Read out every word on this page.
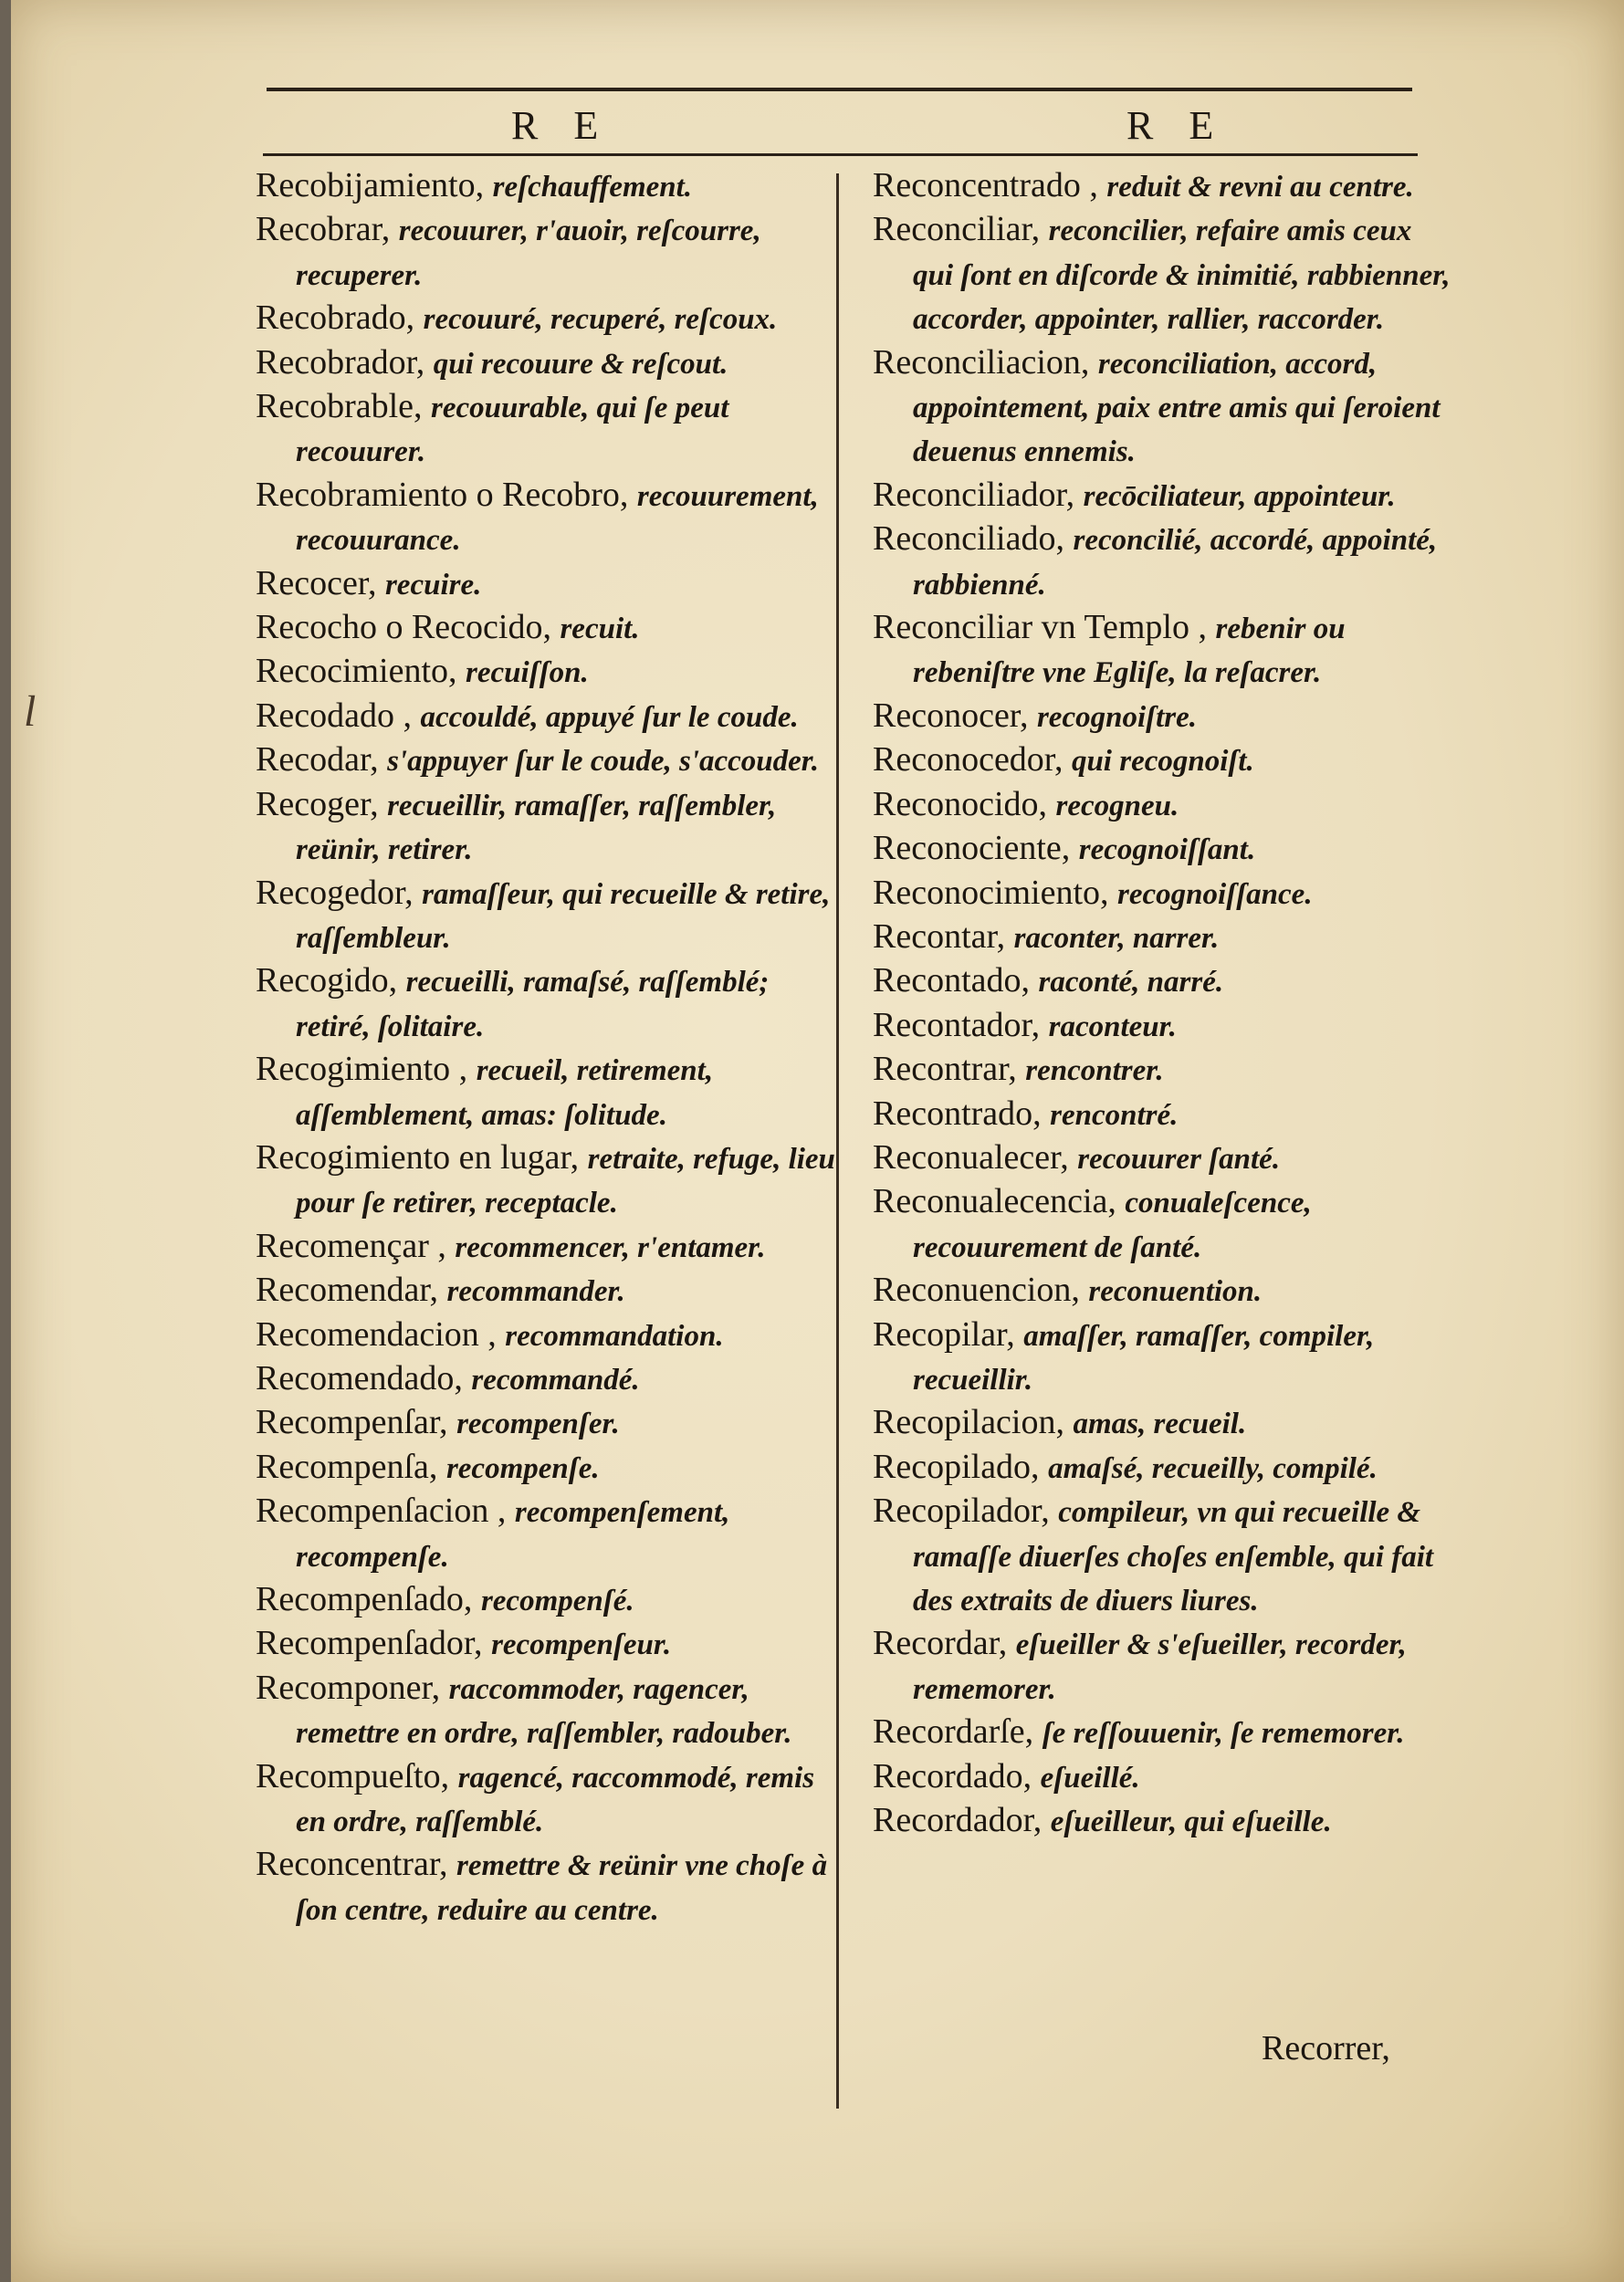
R E	R E
l
Recobijamiento, reſchauffement.
Recobrar, recouurer, r'auoir, reſcourre, recuperer.
Recobrado, recouuré, recuperé, reſcoux.
Recobrador, qui recouure & reſcout.
Recobrable, recouurable, qui ſe peut recouurer.
Recobramiento o Recobro, recouurement, recouurance.
Recocer, recuire.
Recocho o Recocido, recuit.
Recocimiento, recuiſſon.
Recodado , accouldé, appuyé ſur le coude.
Recodar, s'appuyer ſur le coude, s'accouder.
Recoger, recueillir, ramaſſer, raſſembler, reünir, retirer.
Recogedor, ramaſſeur, qui recueille & retire, raſſembleur.
Recogido, recueilli, ramaſsé, raſſemblé; retiré, ſolitaire.
Recogimiento , recueil, retirement, aſſemblement, amas: ſolitude.
Recogimiento en lugar, retraite, refuge, lieu pour ſe retirer, receptacle.
Recomençar , recommencer, r'entamer.
Recomendar, recommander.
Recomendacion , recommandation.
Recomendado, recommandé.
Recompenſar, recompenſer.
Recompenſa, recompenſe.
Recompenſacion , recompenſement, recompenſe.
Recompenſado, recompenſé.
Recompenſador, recompenſeur.
Recomponer, raccommoder, ragencer, remettre en ordre, raſſembler, radouber.
Recompueſto, ragencé, raccommodé, remis en ordre, raſſemblé.
Reconcentrar, remettre & reünir vne choſe à ſon centre, reduire au centre.
Reconcentrado , reduit & revni au centre.
Reconciliar, reconcilier, refaire amis ceux qui ſont en diſcorde & inimitié, rabbienner, accorder, appointer, rallier, raccorder.
Reconciliacion, reconciliation, accord, appointement, paix entre amis qui ſeroient deuenus ennemis.
Reconciliador, recōciliateur, appointeur.
Reconciliado, reconcilié, accordé, appointé, rabbienné.
Reconciliar vn Templo , rebenir ou rebeniſtre vne Egliſe, la reſacrer.
Reconocer, recognoiſtre.
Reconocedor, qui recognoiſt.
Reconocido, recogneu.
Reconociente, recognoiſſant.
Reconocimiento, recognoiſſance.
Recontar, raconter, narrer.
Recontado, raconté, narré.
Recontador, raconteur.
Recontrar, rencontrer.
Recontrado, rencontré.
Reconualecer, recouurer ſanté.
Reconualecencia, conualeſcence, recouurement de ſanté.
Reconuencion, reconuention.
Recopilar, amaſſer, ramaſſer, compiler, recueillir.
Recopilacion, amas, recueil.
Recopilado, amaſsé, recueilly, compilé.
Recopilador, compileur, vn qui recueille & ramaſſe diuerſes choſes enſemble, qui fait des extraits de diuers liures.
Recordar, eſueiller & s'eſueiller, recorder, rememorer.
Recordarſe, ſe reſſouuenir, ſe rememorer.
Recordado, eſueillé.
Recordador, eſueilleur, qui eſueille.
Recorrer,
